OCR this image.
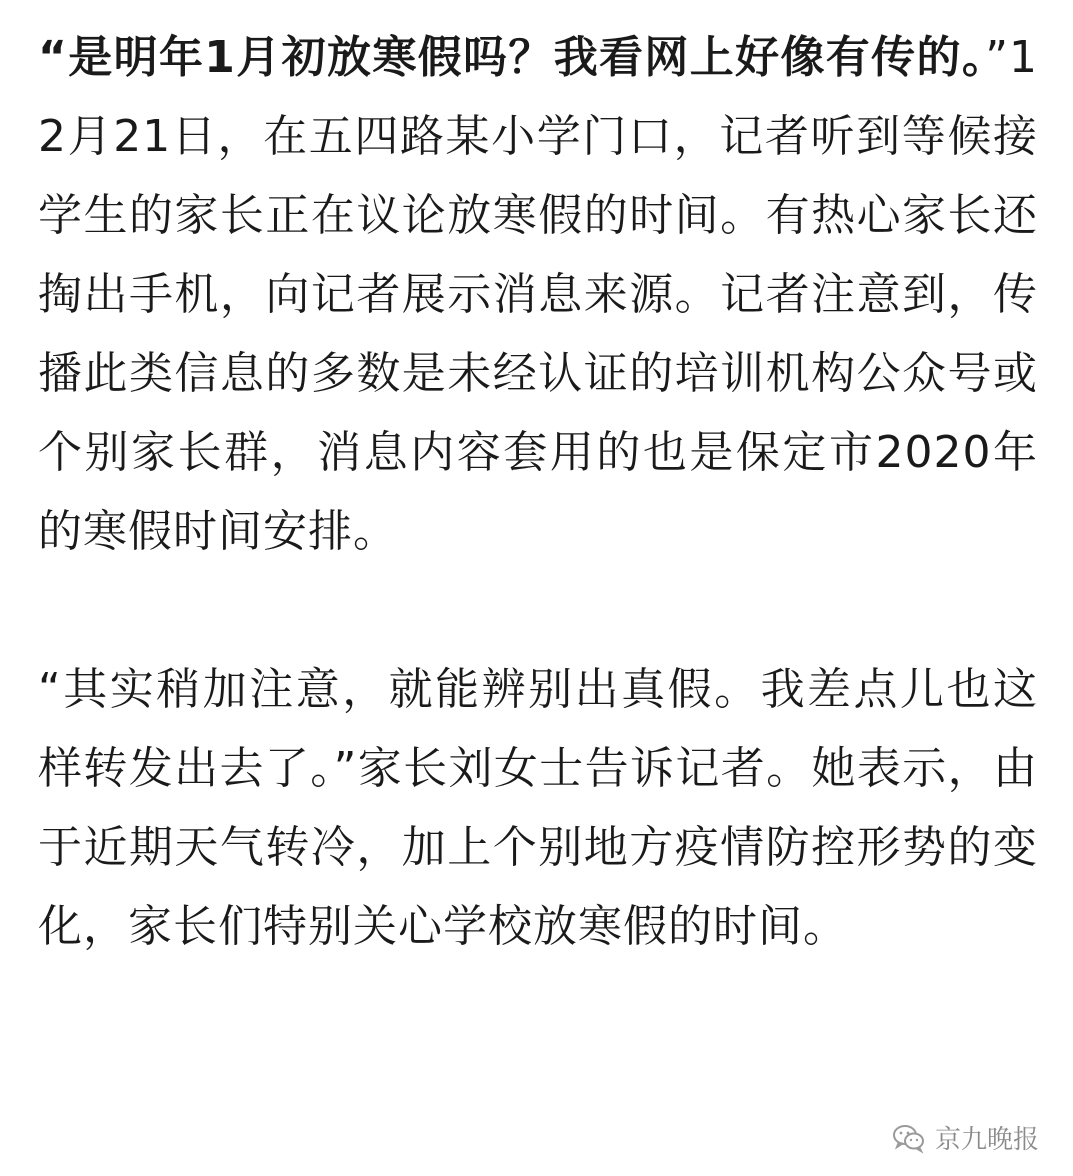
“是明年1月初放寒假吗？我看网上好像有传的。”12月21日，在五四路某小学门口，记者听到等候接学生的家长正在议论放寒假的时间。有热心家长还掏出手机，向记者展示消息来源。记者注意到，传播此类信息的多数是未经认证的培训机构公众号或个别家长群，消息内容套用的也是保定市2020年的寒假时间安排。

“其实稍加注意，就能辨别出真假。我差点儿也这样转发出去了。”家长刘女士告诉记者。她表示，由于近期天气转冷，加上个别地方疫情防控形势的变化，家长们特别关心学校放寒假的时间。

京九晚报
